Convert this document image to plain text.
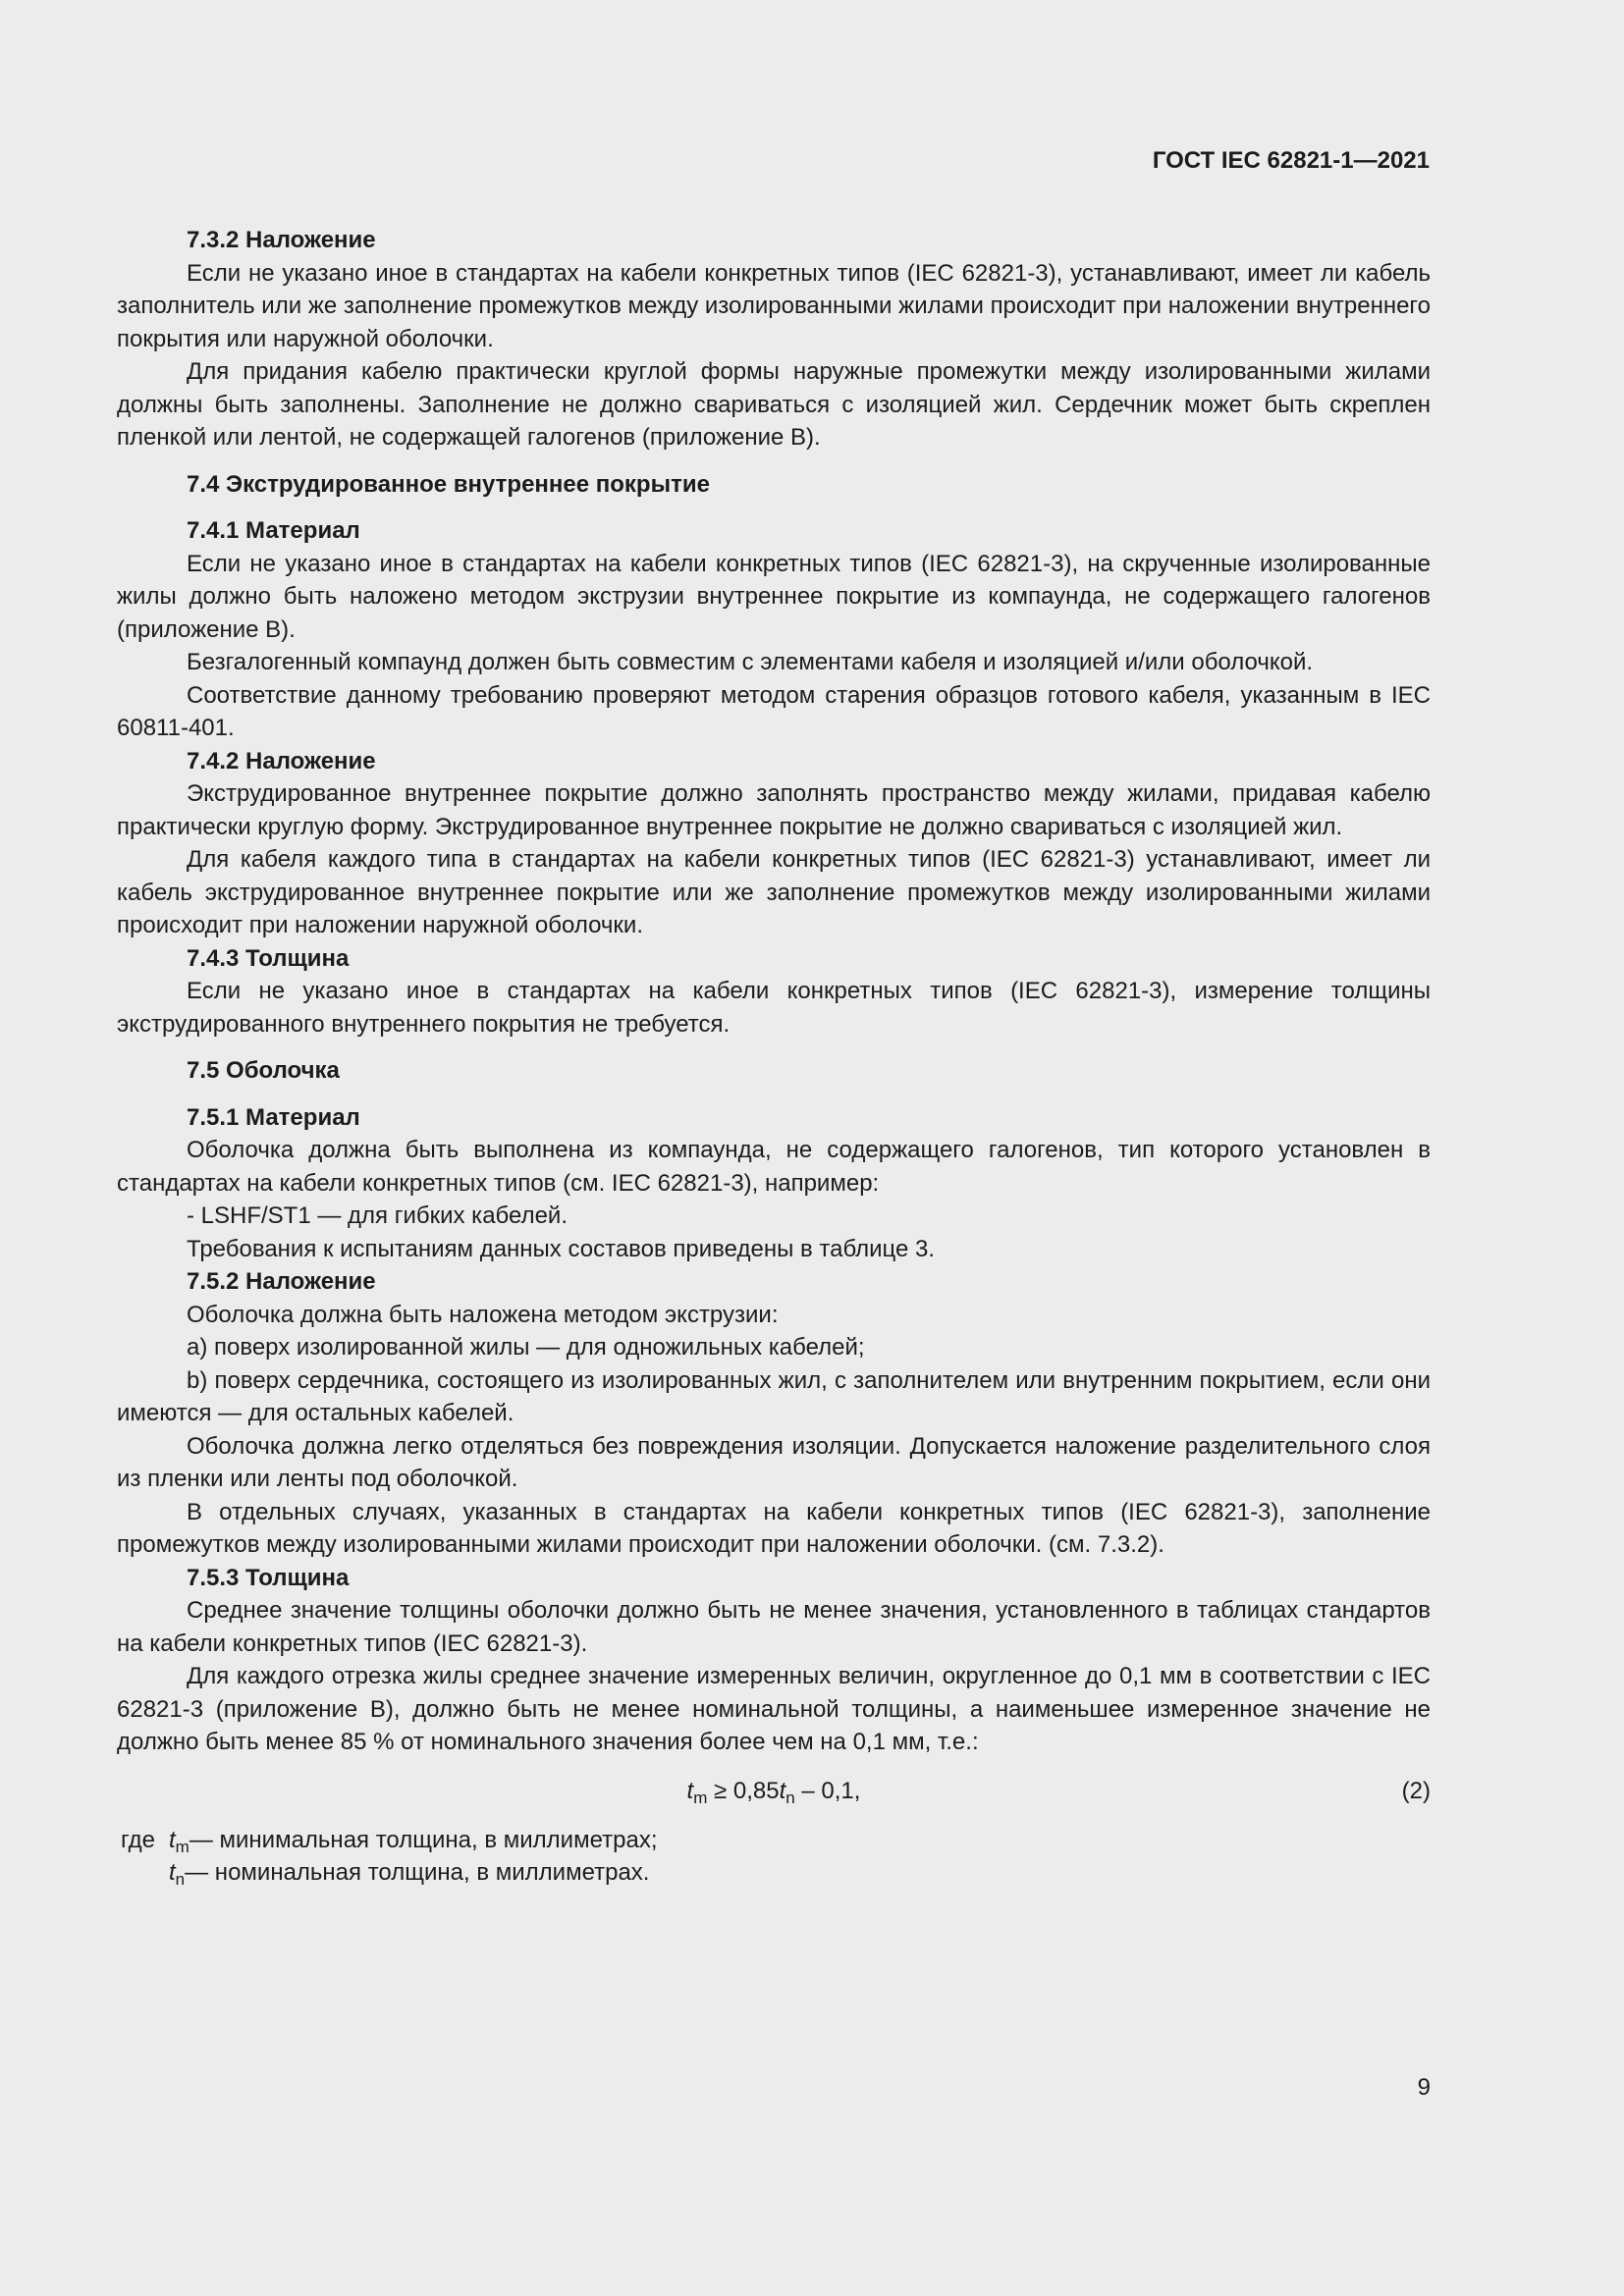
ГОСТ IEC 62821-1—2021
7.3.2 Наложение
Если не указано иное в стандартах на кабели конкретных типов (IEC 62821-3), устанавливают, имеет ли кабель заполнитель или же заполнение промежутков между изолированными жилами происходит при наложении внутреннего покрытия или наружной оболочки.
Для придания кабелю практически круглой формы наружные промежутки между изолированными жилами должны быть заполнены. Заполнение не должно свариваться с изоляцией жил. Сердечник может быть скреплен пленкой или лентой, не содержащей галогенов (приложение В).
7.4 Экструдированное внутреннее покрытие
7.4.1 Материал
Если не указано иное в стандартах на кабели конкретных типов (IEC 62821-3), на скрученные изолированные жилы должно быть наложено методом экструзии внутреннее покрытие из компаунда, не содержащего галогенов (приложение В).
Безгалогенный компаунд должен быть совместим с элементами кабеля и изоляцией и/или оболочкой.
Соответствие данному требованию проверяют методом старения образцов готового кабеля, указанным в IEC 60811-401.
7.4.2 Наложение
Экструдированное внутреннее покрытие должно заполнять пространство между жилами, придавая кабелю практически круглую форму. Экструдированное внутреннее покрытие не должно свариваться с изоляцией жил.
Для кабеля каждого типа в стандартах на кабели конкретных типов (IEC 62821-3) устанавливают, имеет ли кабель экструдированное внутреннее покрытие или же заполнение промежутков между изолированными жилами происходит при наложении наружной оболочки.
7.4.3 Толщина
Если не указано иное в стандартах на кабели конкретных типов (IEC 62821-3), измерение толщины экструдированного внутреннего покрытия не требуется.
7.5 Оболочка
7.5.1 Материал
Оболочка должна быть выполнена из компаунда, не содержащего галогенов, тип которого установлен в стандартах на кабели конкретных типов (см. IEC 62821-3), например:
- LSHF/ST1 — для гибких кабелей.
Требования к испытаниям данных составов приведены в таблице 3.
7.5.2 Наложение
Оболочка должна быть наложена методом экструзии:
a) поверх изолированной жилы — для одножильных кабелей;
b) поверх сердечника, состоящего из изолированных жил, с заполнителем или внутренним покрытием, если они имеются — для остальных кабелей.
Оболочка должна легко отделяться без повреждения изоляции. Допускается наложение разделительного слоя из пленки или ленты под оболочкой.
В отдельных случаях, указанных в стандартах на кабели конкретных типов (IEC 62821-3), заполнение промежутков между изолированными жилами происходит при наложении оболочки. (см. 7.3.2).
7.5.3 Толщина
Среднее значение толщины оболочки должно быть не менее значения, установленного в таблицах стандартов на кабели конкретных типов (IEC 62821-3).
Для каждого отрезка жилы среднее значение измеренных величин, округленное до 0,1 мм в соответствии с IEC 62821-3 (приложение В), должно быть не менее номинальной толщины, а наименьшее измеренное значение не должно быть менее 85 % от номинального значения более чем на 0,1 мм, т.е.:
$t_m \ge 0,85t_n - 0,1$,	(2)
где $t_m$ — минимальная толщина, в миллиметрах;
$t_n$ — номинальная толщина, в миллиметрах.
9
